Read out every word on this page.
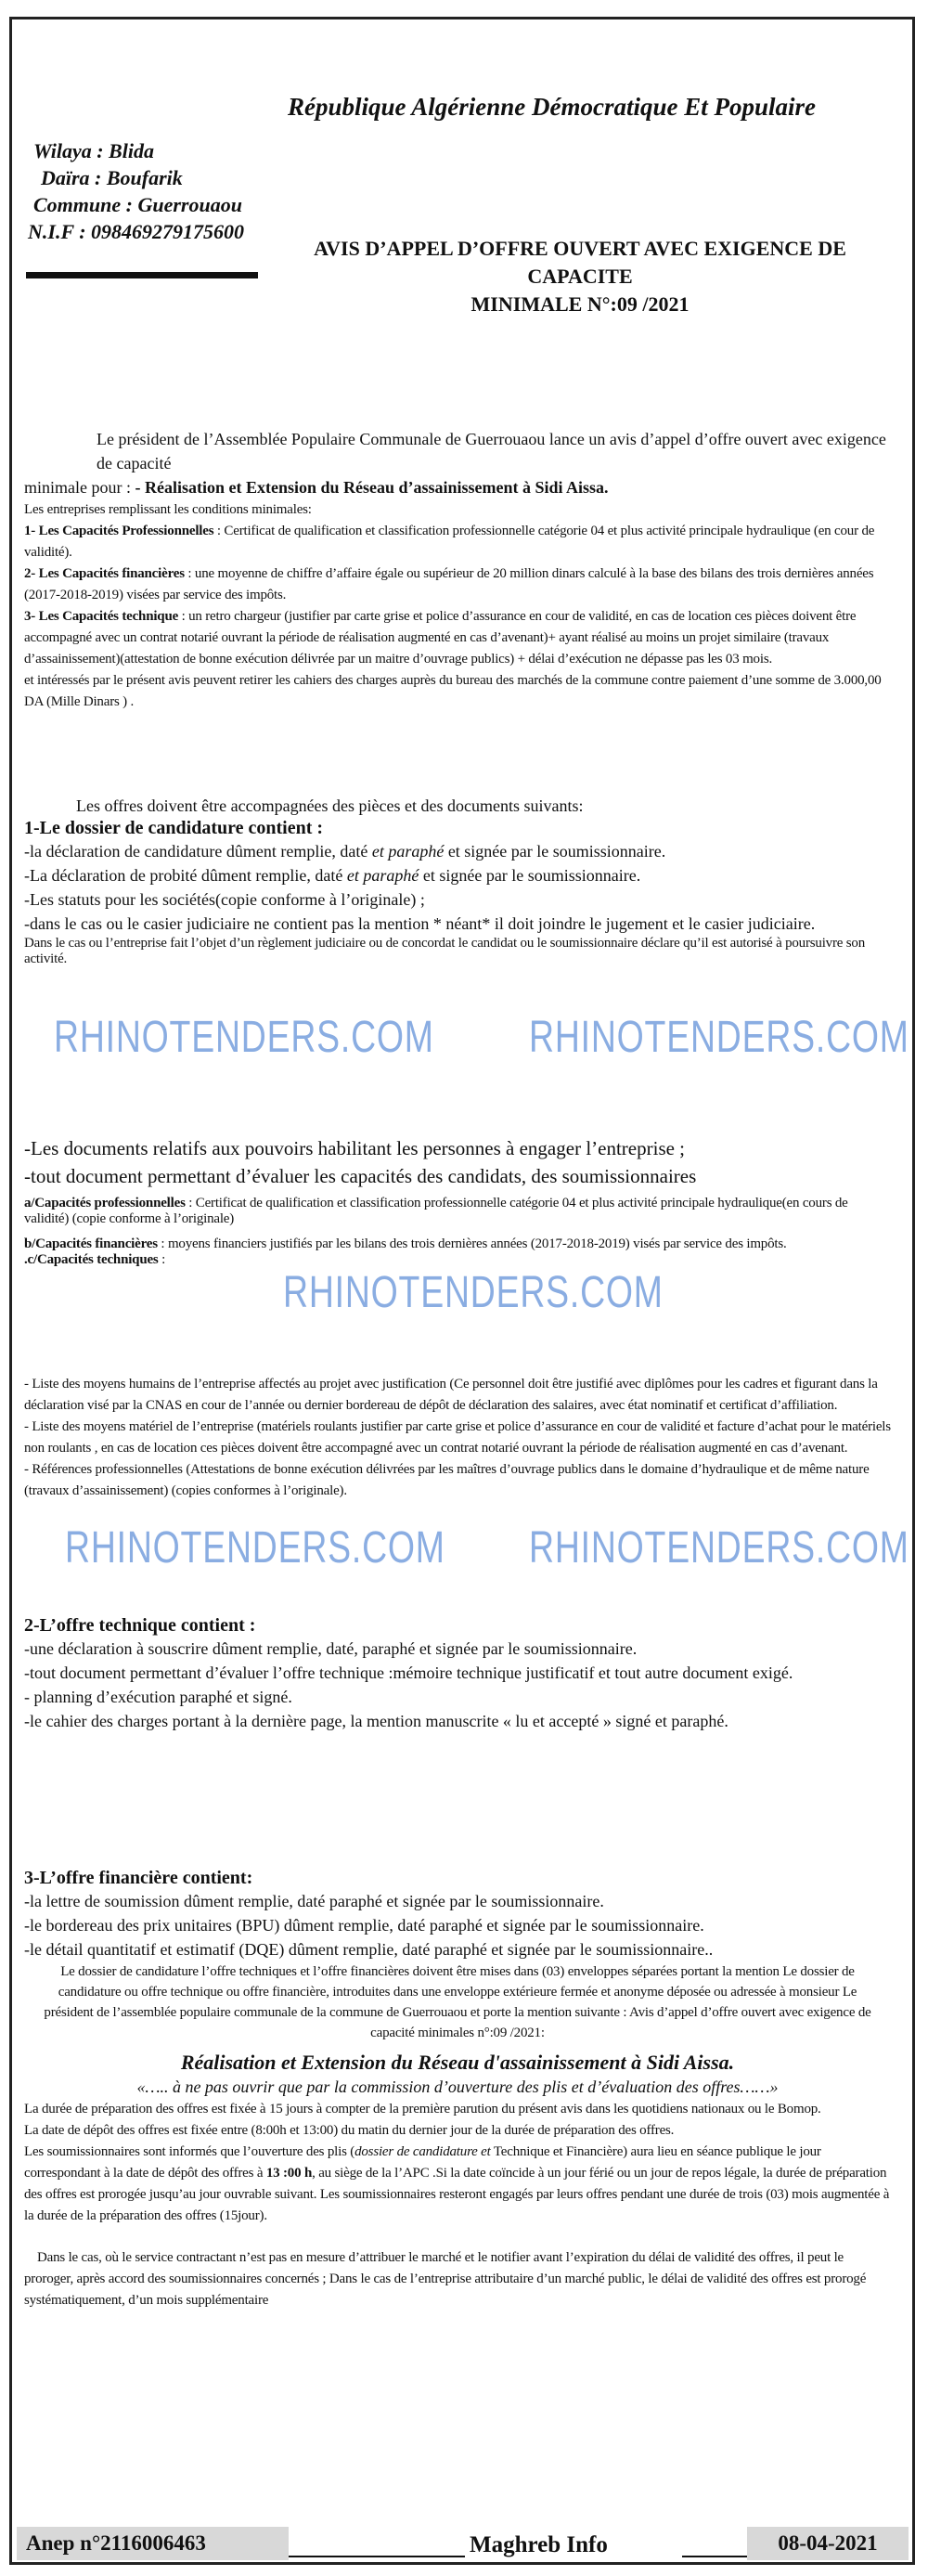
République Algérienne Démocratique Et Populaire
Wilaya : Blida
Daïra : Boufarik
Commune : Guerrouaou
N.I.F : 098469279175600
AVIS D’APPEL D’OFFRE OUVERT AVEC EXIGENCE DE CAPACITE
MINIMALE N°:09 /2021

Le président de l’Assemblée Populaire Communale de Guerrouaou lance un avis d’appel d’offre ouvert avec exigence de capacité

minimale pour : - Réalisation et Extension du Réseau d’assainissement à Sidi Aissa.

Les entreprises remplissant les conditions minimales:

1- Les Capacités Professionnelles : Certificat de qualification et classification professionnelle catégorie 04 et plus activité principale hydraulique (en cour de validité).

2- Les Capacités financières : une moyenne de chiffre d’affaire égale ou supérieur de 20 million dinars calculé à la base des bilans des trois dernières années (2017-2018-2019) visées par service des impôts.

3- Les Capacités technique : un retro chargeur (justifier par carte grise et police d’assurance en cour de validité, en cas de location ces pièces doivent être accompagné avec un contrat notarié ouvrant la période de réalisation augmenté en cas d’avenant)+ ayant réalisé au moins un projet similaire (travaux d’assainissement)(attestation de bonne exécution délivrée par un maitre d’ouvrage publics) + délai d’exécution ne dépasse pas les 03 mois.

et intéressés par le présent avis peuvent retirer les cahiers des charges auprès du bureau des marchés de la commune contre paiement d’une somme de 3.000,00 DA (Mille Dinars ) .

Les offres doivent être accompagnées des pièces et des documents suivants:

1-Le dossier de candidature contient :

-la déclaration de candidature dûment remplie, daté et paraphé et signée par le soumissionnaire.

-La déclaration de probité dûment remplie, daté et paraphé et signée par le soumissionnaire.

-Les statuts pour les sociétés(copie conforme à l’originale) ;

-dans le cas ou le casier judiciaire ne contient pas la mention * néant* il doit joindre le jugement et le casier judiciaire.

Dans le cas ou l’entreprise fait l’objet d’un règlement judiciaire ou de concordat le candidat ou le soumissionnaire déclare qu’il est autorisé à poursuivre son activité.

RHINOTENDERS.COM RHINOTENDERS.COM

-Les documents relatifs aux pouvoirs habilitant les personnes à engager l’entreprise ;

-tout document permettant d’évaluer les capacités des candidats, des soumissionnaires

a/Capacités professionnelles : Certificat de qualification et classification professionnelle catégorie 04 et plus activité principale hydraulique(en cours de validité) (copie conforme à l’originale)

b/Capacités financières : moyens financiers justifiés par les bilans des trois dernières années (2017-2018-2019) visés par service des impôts.

.c/Capacités techniques :

RHINOTENDERS.COM

- Liste des moyens humains de l’entreprise affectés au projet avec justification (Ce personnel doit être justifié avec diplômes pour les cadres et figurant dans la déclaration visé par la CNAS en cour de l’année ou dernier bordereau de dépôt de déclaration des salaires, avec état nominatif et certificat d’affiliation.

- Liste des moyens matériel de l’entreprise (matériels roulants justifier par carte grise et police d’assurance en cour de validité et facture d’achat pour le matériels non roulants , en cas de location ces pièces doivent être accompagné avec un contrat notarié ouvrant la période de réalisation augmenté en cas d’avenant.

- Références professionnelles (Attestations de bonne exécution délivrées par les maîtres d’ouvrage publics dans le domaine d’hydraulique et de même nature (travaux d’assainissement) (copies conformes à l’originale).

RHINOTENDERS.COM RHINOTENDERS.COM

2-L’offre technique contient :

-une déclaration à souscrire dûment remplie, daté, paraphé et signée par le soumissionnaire.

-tout document permettant d’évaluer l’offre technique :mémoire technique justificatif et tout autre document exigé.

- planning d’exécution paraphé et signé.

-le cahier des charges portant à la dernière page, la mention manuscrite « lu et accepté » signé et paraphé.

3-L’offre financière contient:

-la lettre de soumission dûment remplie, daté paraphé et signée par le soumissionnaire.

-le bordereau des prix unitaires (BPU) dûment remplie, daté paraphé et signée par le soumissionnaire.

-le détail quantitatif et estimatif (DQE) dûment remplie, daté paraphé et signée par le soumissionnaire..

Le dossier de candidature l’offre techniques et l’offre financières doivent être mises dans (03) enveloppes séparées portant la mention Le dossier de candidature ou offre technique ou offre financière, introduites dans une enveloppe extérieure fermée et anonyme déposée ou adressée à monsieur Le président de l’assemblée populaire communale de la commune de Guerrouaou et porte la mention suivante : Avis d’appel d’offre ouvert avec exigence de capacité minimales n°:09 /2021:

Réalisation et Extension du Réseau d'assainissement à Sidi Aissa.

«….. à ne pas ouvrir que par la commission d’ouverture des plis et d’évaluation des offres……»

La durée de préparation des offres est fixée à 15 jours à compter de la première parution du présent avis dans les quotidiens nationaux ou le Bomop.

La date de dépôt des offres est fixée entre (8:00h et 13:00) du matin du dernier jour de la durée de préparation des offres.

Les soumissionnaires sont informés que l’ouverture des plis (dossier de candidature et Technique et Financière) aura lieu en séance publique le jour correspondant à la date de dépôt des offres à 13 :00 h, au siège de la l’APC .Si la date coïncide à un jour férié ou un jour de repos légale, la durée de préparation des offres est prorogée jusqu’au jour ouvrable suivant. Les soumissionnaires resteront engagés par leurs offres pendant une durée de trois (03) mois augmentée à la durée de la préparation des offres (15jour).

Dans le cas, où le service contractant n’est pas en mesure d’attribuer le marché et le notifier avant l’expiration du délai de validité des offres, il peut le proroger, après accord des soumissionnaires concernés ; Dans le cas de l’entreprise attributaire d’un marché public, le délai de validité des offres est prorogé systématiquement, d’un mois supplémentaire

Anep n°2116006463	Maghreb Info	08-04-2021
